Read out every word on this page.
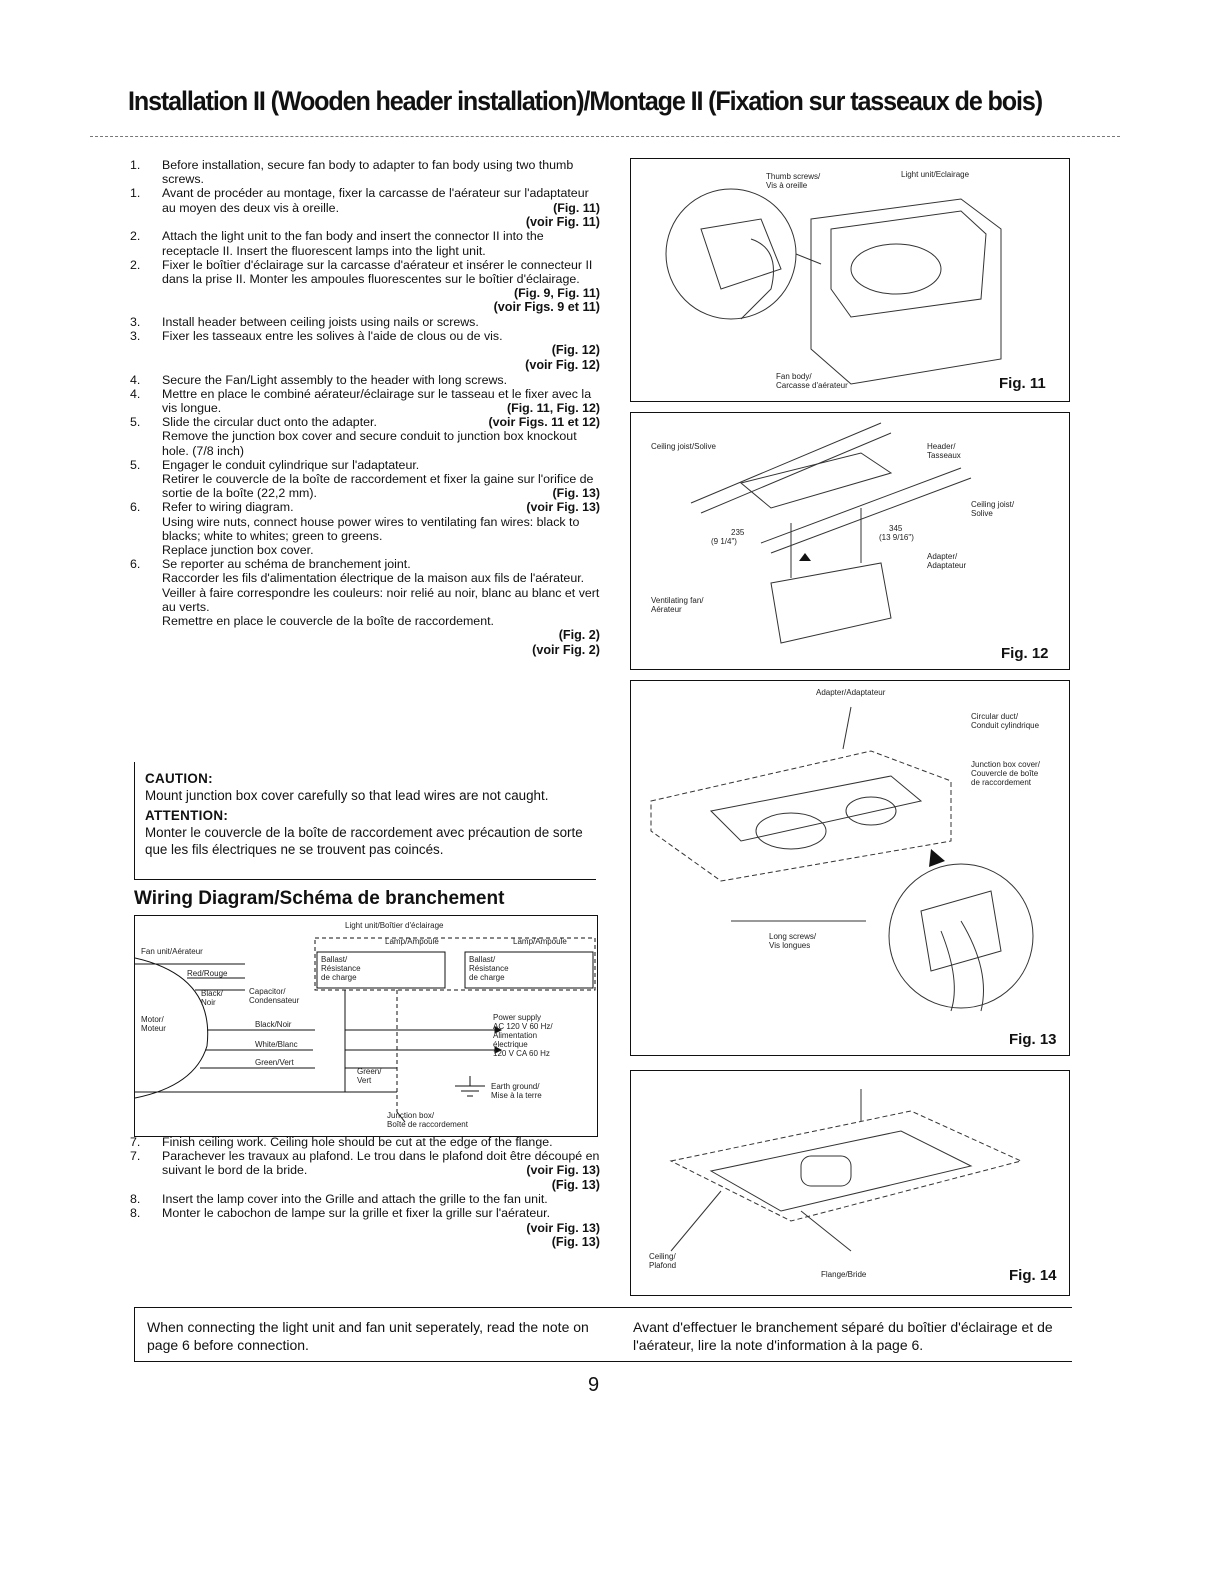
Installation II (Wooden header installation)/Montage II (Fixation sur tasseaux de bois)
1.	Before installation, secure fan body to adapter to fan body using two thumb screws.
1.	Avant de procéder au montage, fixer la carcasse de l'aérateur sur l'adaptateur au moyen des deux vis à oreille.	(Fig. 11)
(voir Fig. 11)
2.	Attach the light unit to the fan body and insert the connector II into the receptacle II. Insert the fluorescent lamps into the light unit.
2.	Fixer le boîtier d'éclairage sur la carcasse d'aérateur et insérer le connecteur II dans la prise II. Monter les ampoules fluorescentes sur le boîtier d'éclairage.
(Fig. 9, Fig. 11)
(voir Figs. 9 et 11)
3.	Install header between ceiling joists using nails or screws.
3.	Fixer les tasseaux entre les solives à l'aide de clous ou de vis.
(Fig. 12)
(voir Fig. 12)
4.	Secure the Fan/Light assembly to the header with long screws.
4.	Mettre en place le combiné aérateur/éclairage sur le tasseau et le fixer avec la vis longue.	(Fig. 11, Fig. 12)
5.	Slide the circular duct onto the adapter.	(voir Figs. 11 et 12)
Remove the junction box cover and secure conduit to junction box knockout hole. (7/8 inch)
5.	Engager le conduit cylindrique sur l'adaptateur.
Retirer le couvercle de la boîte de raccordement et fixer la gaine sur l'orifice de sortie de la boîte (22,2 mm).	(Fig. 13)
6.	Refer to wiring diagram.	(voir Fig. 13)
Using wire nuts, connect house power wires to ventilating fan wires: black to blacks; white to whites; green to greens.
Replace junction box cover.
6.	Se reporter au schéma de branchement joint.
Raccorder les fils d'alimentation électrique de la maison aux fils de l'aérateur. Veiller à faire correspondre les couleurs: noir relié au noir, blanc au blanc et vert au verts.
Remettre en place le couvercle de la boîte de raccordement.
(Fig. 2)
(voir Fig. 2)
CAUTION:
Mount junction box cover carefully so that lead wires are not caught.
ATTENTION:
Monter le couvercle de la boîte de raccordement avec précaution de sorte que les fils électriques ne se trouvent pas coincés.
Wiring Diagram/Schéma de branchement
Light unit/Boîtier d'éclairage
Lamp/Ampoule	Lamp/Ampoule
Fan unit/Aérateur
Red/Rouge
Black/
Noir
Capacitor/
Condensateur
Motor/
Moteur
Ballast/
Résistance
de charge
Ballast/
Résistance
de charge
Black/Noir
White/Blanc
Green/Vert
Green/
Vert
Power supply
AC 120 V 60 Hz/
Alimentation
électrique
120 V CA 60 Hz
Earth ground/
Mise à la terre
Junction box/
Boîte de raccordement
7.	Finish ceiling work. Ceiling hole should be cut at the edge of the flange.
7.	Parachever les travaux au plafond. Le trou dans le plafond doit être découpé en suivant le bord de la bride.	(voir Fig. 13)
(Fig. 13)
8.	Insert the lamp cover into the Grille and attach the grille to the fan unit.
8.	Monter le cabochon de lampe sur la grille et fixer la grille sur l'aérateur.
(voir Fig. 13)
(Fig. 13)
Thumb screws/
Vis à oreille
Light unit/Eclairage
Fan body/
Carcasse d'aérateur	Fig. 11
Ceiling joist/Solive	Header/
Tasseaux
Ceiling joist/
Solive
Adapter/
Adaptateur
Ventilating fan/
Aérateur
235
(9 1/4")
345
(13 9/16")
Fig. 12
Adapter/Adaptateur
Circular duct/
Conduit cylindrique
Junction box cover/
Couvercle de boîte
de raccordement
Long screws/
Vis longues
Fig. 13
Ceiling/
Plafond
Flange/Bride	Fig. 14
When connecting the light unit and fan unit seperately, read the note on page 6 before connection.
Avant d'effectuer le branchement séparé du boîtier d'éclairage et de l'aérateur, lire la note d'information à la page 6.
9
